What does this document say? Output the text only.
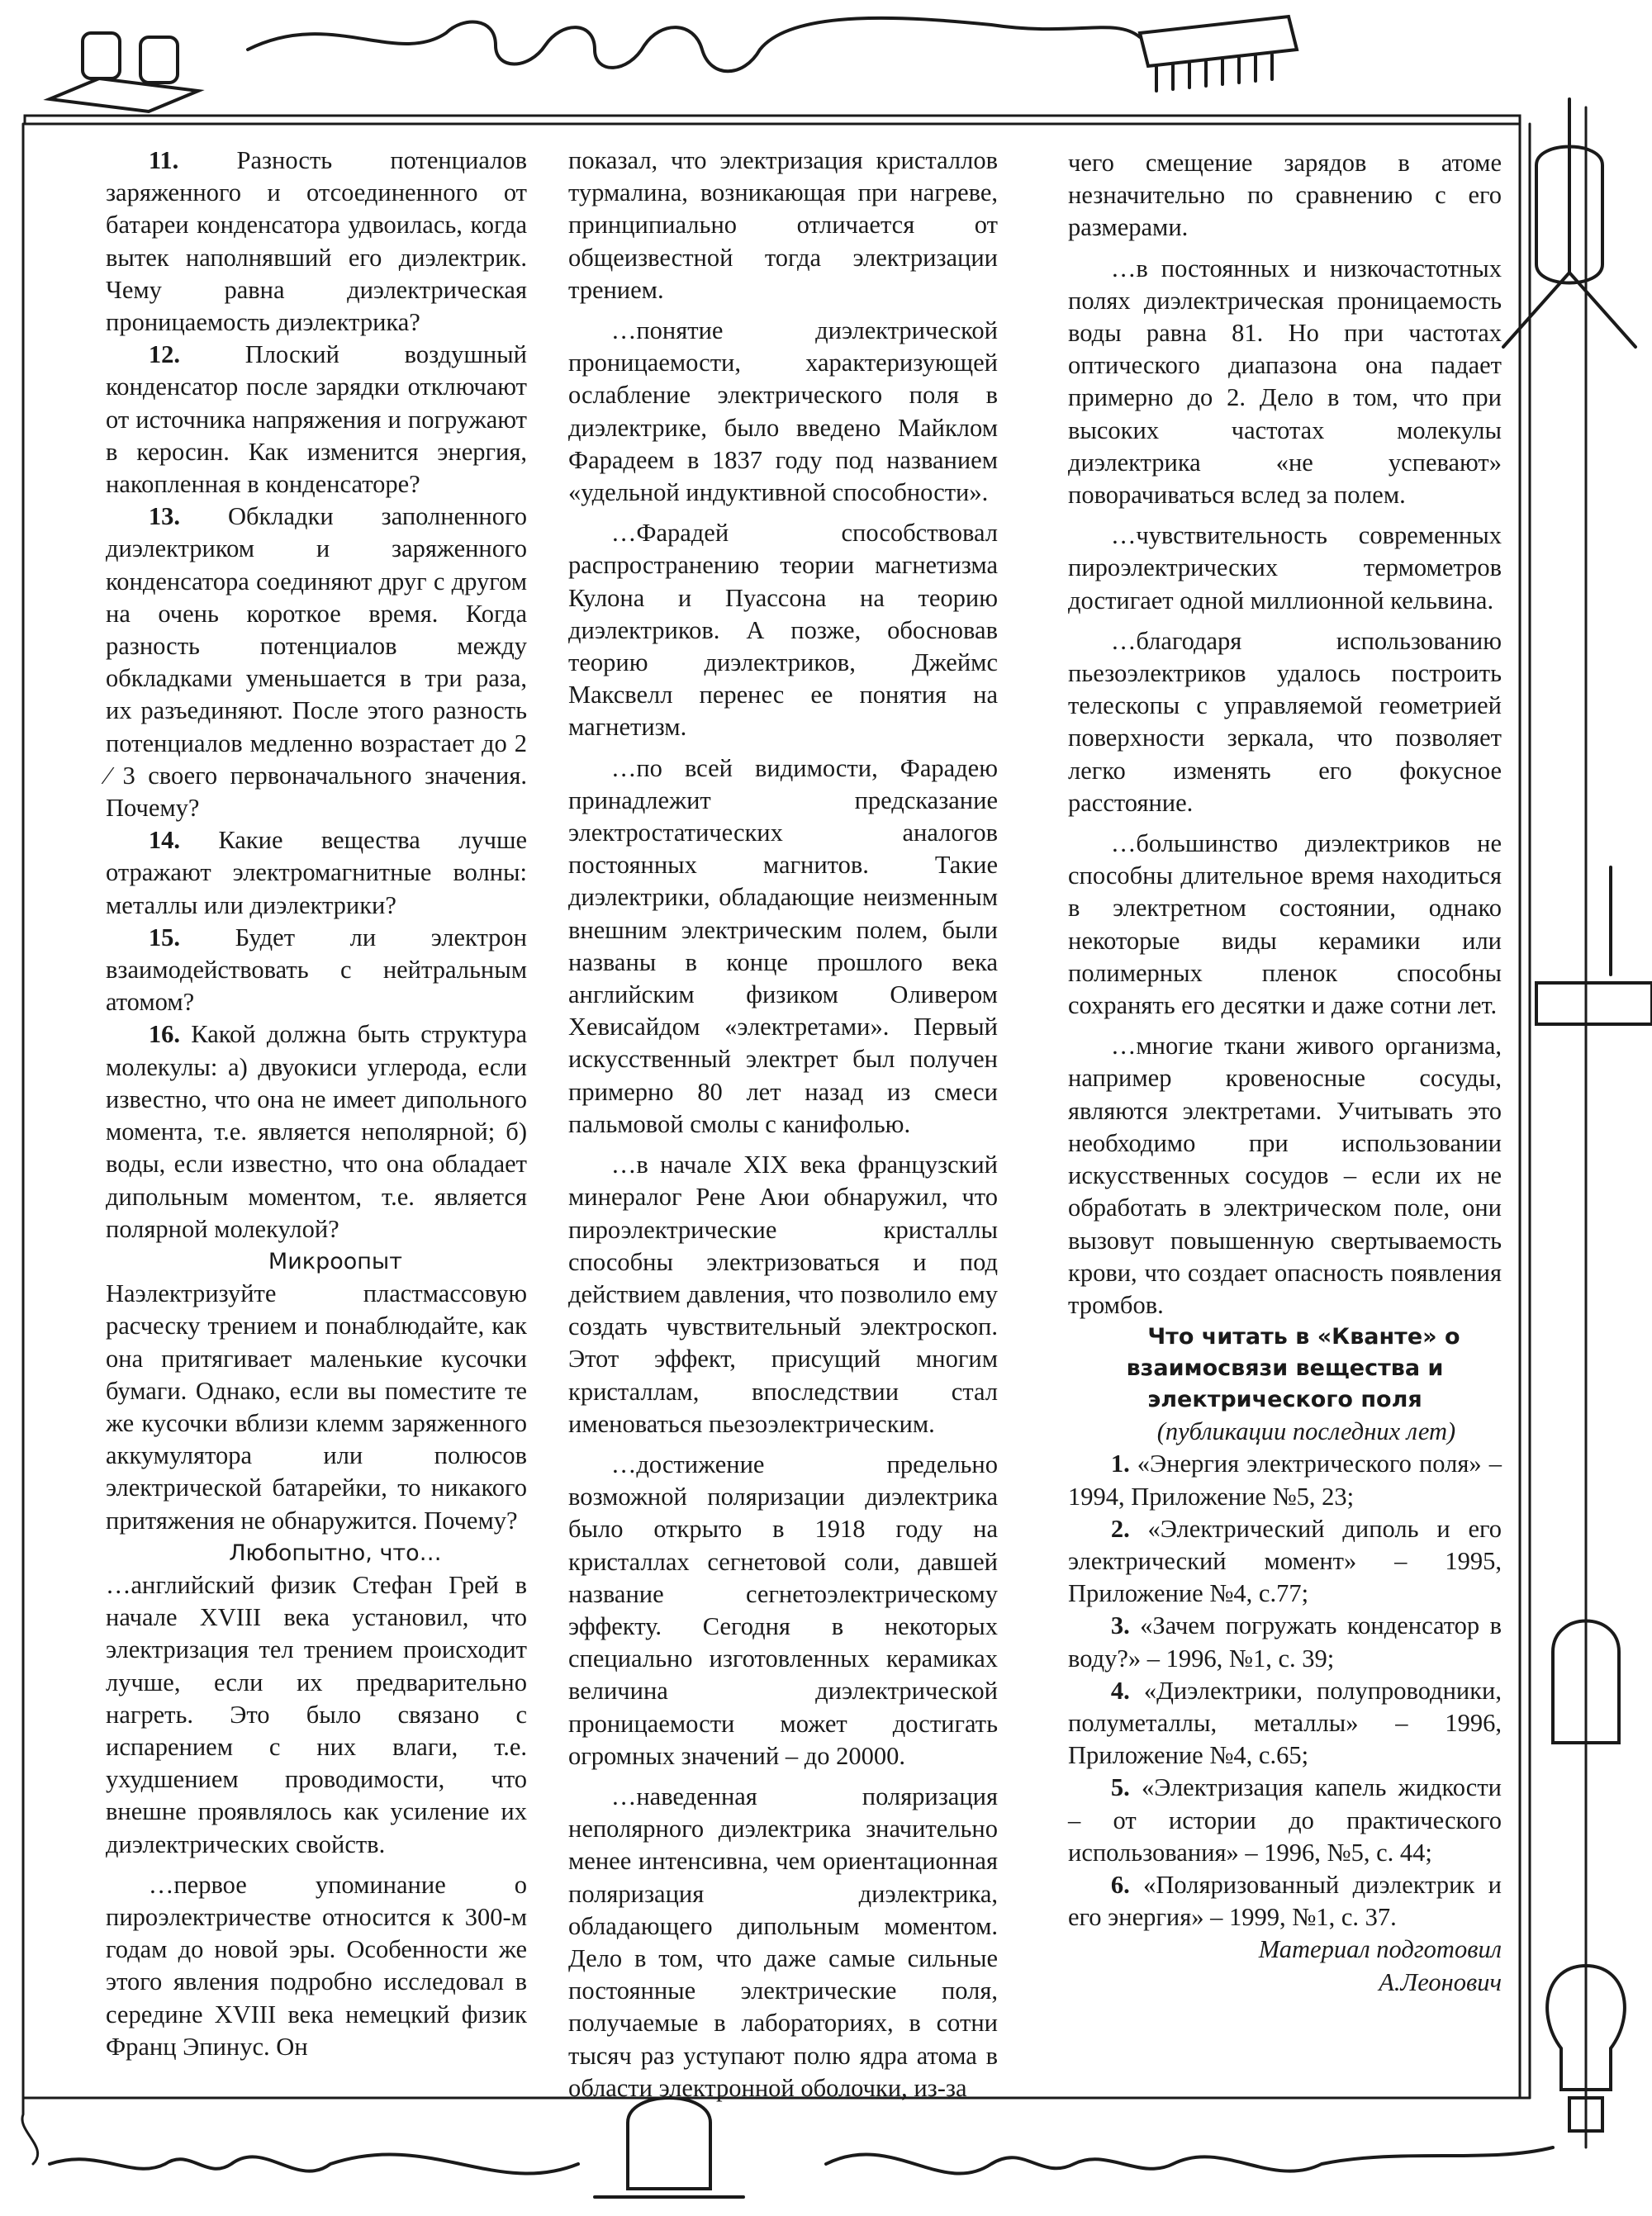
11. Разность потенциалов заряженного и отсоединенного от батареи конденсатора удвоилась, когда вытек наполнявший его диэлектрик. Чему равна диэлектрическая проницаемость диэлектрика?

12.	Плоский воздушный конденсатор после зарядки отключают от источника напряжения и погружают в керосин. Как изменится энергия, накопленная в конденсаторе?

13. Обкладки заполненного диэлектриком и заряженного конденсатора соединяют друг с другом на очень короткое время. Когда разность потенциалов между обкладками уменьшается в три раза, их разъединяют. После этого разность потенциалов медленно возрастает до 2 ⁄ 3 своего первоначального значения. Почему?

14. Какие вещества лучше отражают электромагнитные волны: металлы или диэлектрики?

15. Будет ли электрон взаимодействовать с нейтральным атомом?

16. Какой должна быть структура молекулы: а) двуокиси углерода, если известно, что она не имеет дипольного момента, т.е. является неполярной; б) воды, если известно, что она обладает дипольным моментом, т.е. является полярной молекулой?

Микроопыт

Наэлектризуйте пластмассовую расческу трением и понаблюдайте, как она притягивает маленькие кусочки бумаги. Однако, если вы поместите те же кусочки вблизи клемм заряженного аккумулятора или полюсов электрической батарейки, то никакого притяжения не обнаружится. Почему?

Любопытно, что…

…английский физик Стефан Грей в начале XVIII века установил, что электризация тел трением происходит лучше, если их предварительно нагреть. Это было связано с испарением с них влаги, т.е. ухудшением проводимости, что внешне проявлялось как усиление их диэлектрических свойств.

…первое упоминание о пироэлектричестве относится к 300-м годам до новой эры. Особенности же этого явления подробно исследовал в середине XVIII века немецкий физик Франц Эпинус. Он

показал, что электризация кристаллов турмалина, возникающая при нагреве, принципиально отличается от общеизвестной тогда электризации трением.

…понятие диэлектрической проницаемости, характеризующей ослабление электрического поля в диэлектрике, было введено Майклом Фарадеем в 1837 году под названием «удельной индуктивной способности».

…Фарадей способствовал распространению теории магнетизма Кулона и Пуассона на теорию диэлектриков. А позже, обосновав теорию диэлектриков, Джеймс Максвелл перенес ее понятия на магнетизм.

…по всей видимости, Фарадею принадлежит предсказание электростатических аналогов постоянных магнитов. Такие диэлектрики, обладающие неизменным внешним электрическим полем, были названы в конце прошлого века английским физиком Оливером Хевисайдом «электретами». Первый искусственный электрет был получен примерно 80 лет назад из смеси пальмовой смолы с канифолью.

…в начале XIX века французский минералог Рене Аюи обнаружил, что пироэлектрические кристаллы способны электризоваться и под действием давления, что позволило ему создать чувствительный электроскоп. Этот эффект, присущий многим кристаллам, впоследствии стал именоваться пьезоэлектрическим.

…достижение предельно возможной поляризации диэлектрика было открыто в 1918 году на кристаллах сегнетовой соли, давшей название сегнетоэлектрическому эффекту. Сегодня в некоторых специально изготовленных керамиках величина диэлектрической проницаемости может достигать огромных значений – до 20000.

…наведенная поляризация неполярного диэлектрика значительно менее интенсивна, чем ориентационная поляризация диэлектрика, обладающего дипольным моментом. Дело в том, что даже самые сильные постоянные электрические поля, получаемые в лабораториях, в сотни тысяч раз уступают полю ядра атома в области электронной оболочки, из-за

чего смещение зарядов в атоме незначительно по сравнению с его размерами.

…в постоянных и низкочастотных полях диэлектрическая проницаемость воды равна 81. Но при частотах оптического диапазона она падает примерно до 2. Дело в том, что при высоких частотах молекулы диэлектрика «не успевают» поворачиваться вслед за полем.

…чувствительность современных пироэлектрических термометров достигает одной миллионной кельвина.

…благодаря использованию пьезоэлектриков удалось построить телескопы с управляемой геометрией поверхности зеркала, что позволяет легко изменять его фокусное расстояние.

…большинство диэлектриков не способны длительное время находиться в электретном состоянии, однако некоторые виды керамики или полимерных пленок способны сохранять его десятки и даже сотни лет.

…многие ткани живого организма, например кровеносные сосуды, являются электретами. Учитывать это необходимо при использовании искусственных сосудов – если их не обработать в электрическом поле, они вызовут повышенную свертываемость крови, что создает опасность появления тромбов.

Что читать в «Кванте» о взаимосвязи вещества и электрического поля

(публикации последних лет)

1. «Энергия электрического поля» – 1994, Приложение №5, 23;

2. «Электрический диполь и его электрический момент» – 1995, Приложение №4, с.77;

3. «Зачем погружать конденсатор в воду?» – 1996, №1, с. 39;

4. «Диэлектрики, полупроводники, полуметаллы, металлы» – 1996, Приложение №4, с.65;

5. «Электризация капель жидкости – от истории до практического использования» – 1996, №5, с. 44;

6. «Поляризованный диэлектрик и его энергия» – 1999, №1, с. 37.

Материал подготовил
А.Леонович
